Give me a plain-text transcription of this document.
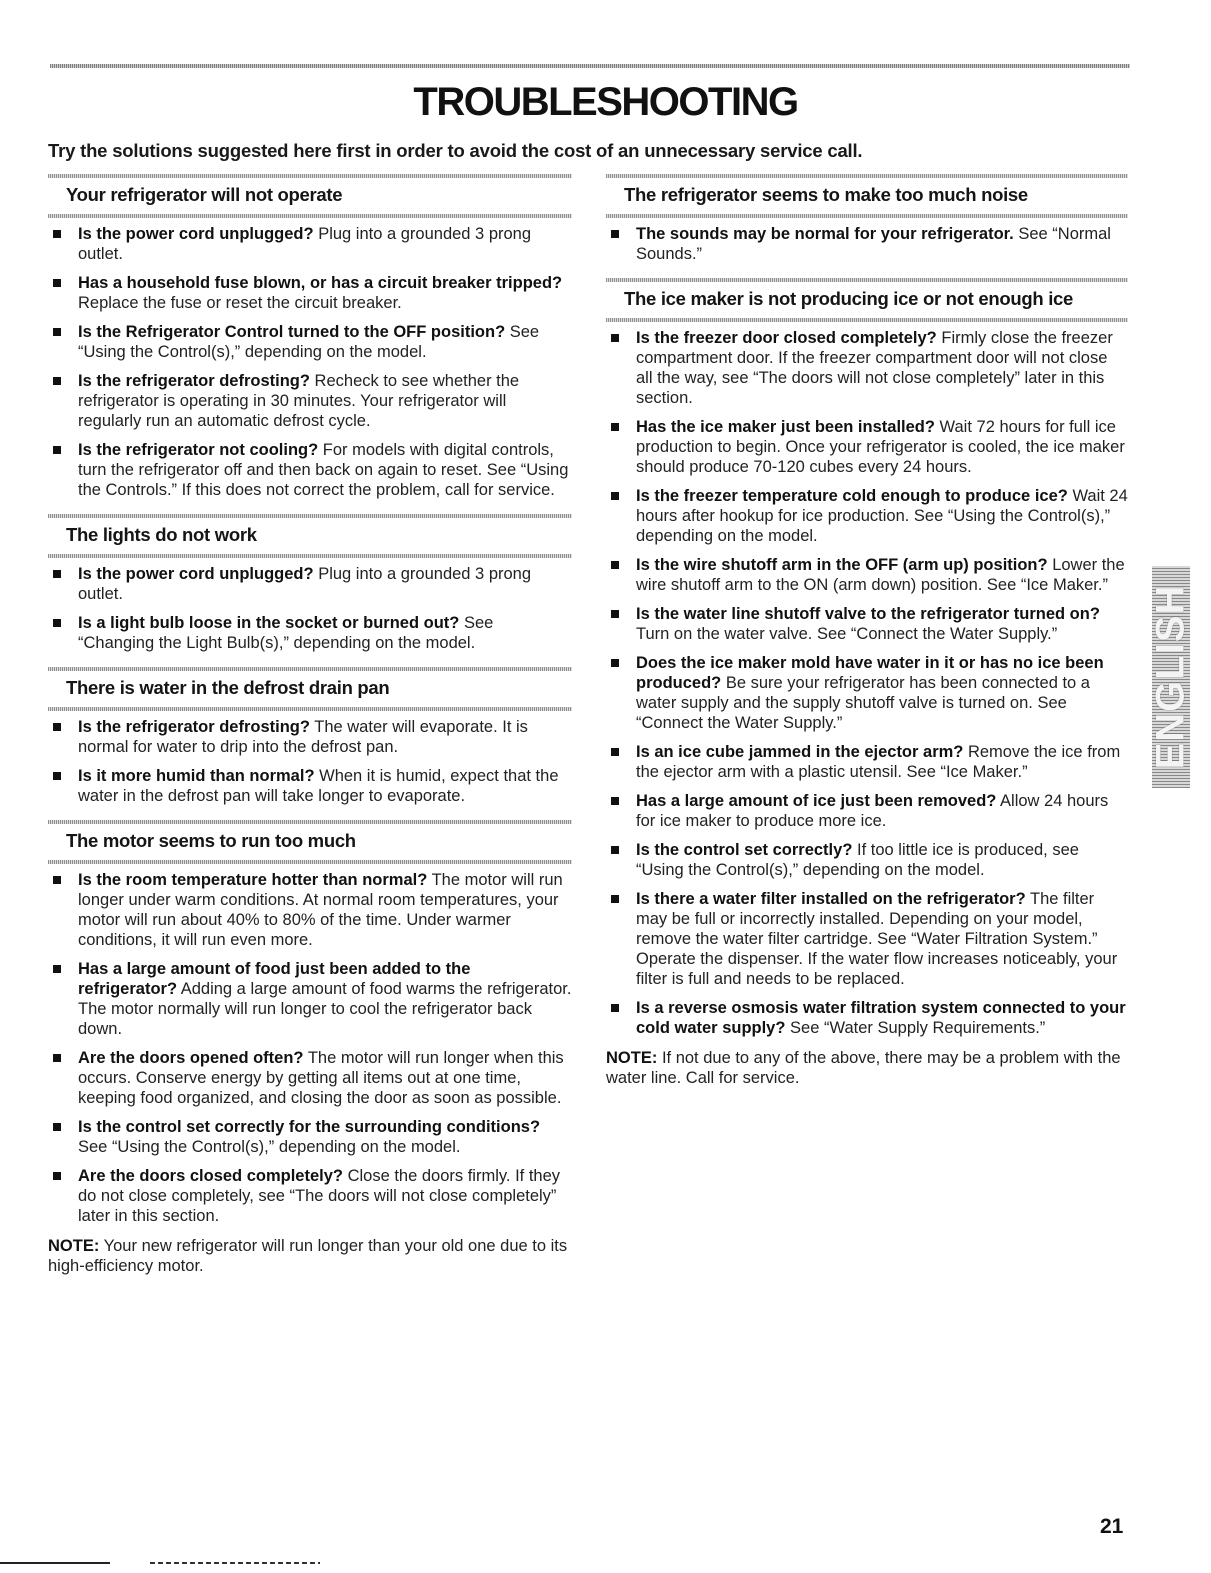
TROUBLESHOOTING
Try the solutions suggested here first in order to avoid the cost of an unnecessary service call.
Your refrigerator will not operate
Is the power cord unplugged? Plug into a grounded 3 prong outlet.
Has a household fuse blown, or has a circuit breaker tripped? Replace the fuse or reset the circuit breaker.
Is the Refrigerator Control turned to the OFF position? See “Using the Control(s),” depending on the model.
Is the refrigerator defrosting? Recheck to see whether the refrigerator is operating in 30 minutes. Your refrigerator will regularly run an automatic defrost cycle.
Is the refrigerator not cooling? For models with digital controls, turn the refrigerator off and then back on again to reset. See “Using the Controls.” If this does not correct the problem, call for service.
The lights do not work
Is the power cord unplugged? Plug into a grounded 3 prong outlet.
Is a light bulb loose in the socket or burned out? See “Changing the Light Bulb(s),” depending on the model.
There is water in the defrost drain pan
Is the refrigerator defrosting? The water will evaporate. It is normal for water to drip into the defrost pan.
Is it more humid than normal? When it is humid, expect that the water in the defrost pan will take longer to evaporate.
The motor seems to run too much
Is the room temperature hotter than normal? The motor will run longer under warm conditions. At normal room temperatures, your motor will run about 40% to 80% of the time. Under warmer conditions, it will run even more.
Has a large amount of food just been added to the refrigerator? Adding a large amount of food warms the refrigerator. The motor normally will run longer to cool the refrigerator back down.
Are the doors opened often? The motor will run longer when this occurs. Conserve energy by getting all items out at one time, keeping food organized, and closing the door as soon as possible.
Is the control set correctly for the surrounding conditions? See “Using the Control(s),” depending on the model.
Are the doors closed completely? Close the doors firmly. If they do not close completely, see “The doors will not close completely” later in this section.
NOTE: Your new refrigerator will run longer than your old one due to its high-efficiency motor.
The refrigerator seems to make too much noise
The sounds may be normal for your refrigerator. See “Normal Sounds.”
The ice maker is not producing ice or not enough ice
Is the freezer door closed completely? Firmly close the freezer compartment door. If the freezer compartment door will not close all the way, see “The doors will not close completely” later in this section.
Has the ice maker just been installed? Wait 72 hours for full ice production to begin. Once your refrigerator is cooled, the ice maker should produce 70-120 cubes every 24 hours.
Is the freezer temperature cold enough to produce ice? Wait 24 hours after hookup for ice production. See “Using the Control(s),” depending on the model.
Is the wire shutoff arm in the OFF (arm up) position? Lower the wire shutoff arm to the ON (arm down) position. See “Ice Maker.”
Is the water line shutoff valve to the refrigerator turned on? Turn on the water valve. See “Connect the Water Supply.”
Does the ice maker mold have water in it or has no ice been produced? Be sure your refrigerator has been connected to a water supply and the supply shutoff valve is turned on. See “Connect the Water Supply.”
Is an ice cube jammed in the ejector arm? Remove the ice from the ejector arm with a plastic utensil. See “Ice Maker.”
Has a large amount of ice just been removed? Allow 24 hours for ice maker to produce more ice.
Is the control set correctly? If too little ice is produced, see “Using the Control(s),” depending on the model.
Is there a water filter installed on the refrigerator? The filter may be full or incorrectly installed. Depending on your model, remove the water filter cartridge. See “Water Filtration System.” Operate the dispenser. If the water flow increases noticeably, your filter is full and needs to be replaced.
Is a reverse osmosis water filtration system connected to your cold water supply? See “Water Supply Requirements.”
NOTE: If not due to any of the above, there may be a problem with the water line. Call for service.
ENGLISH
21
